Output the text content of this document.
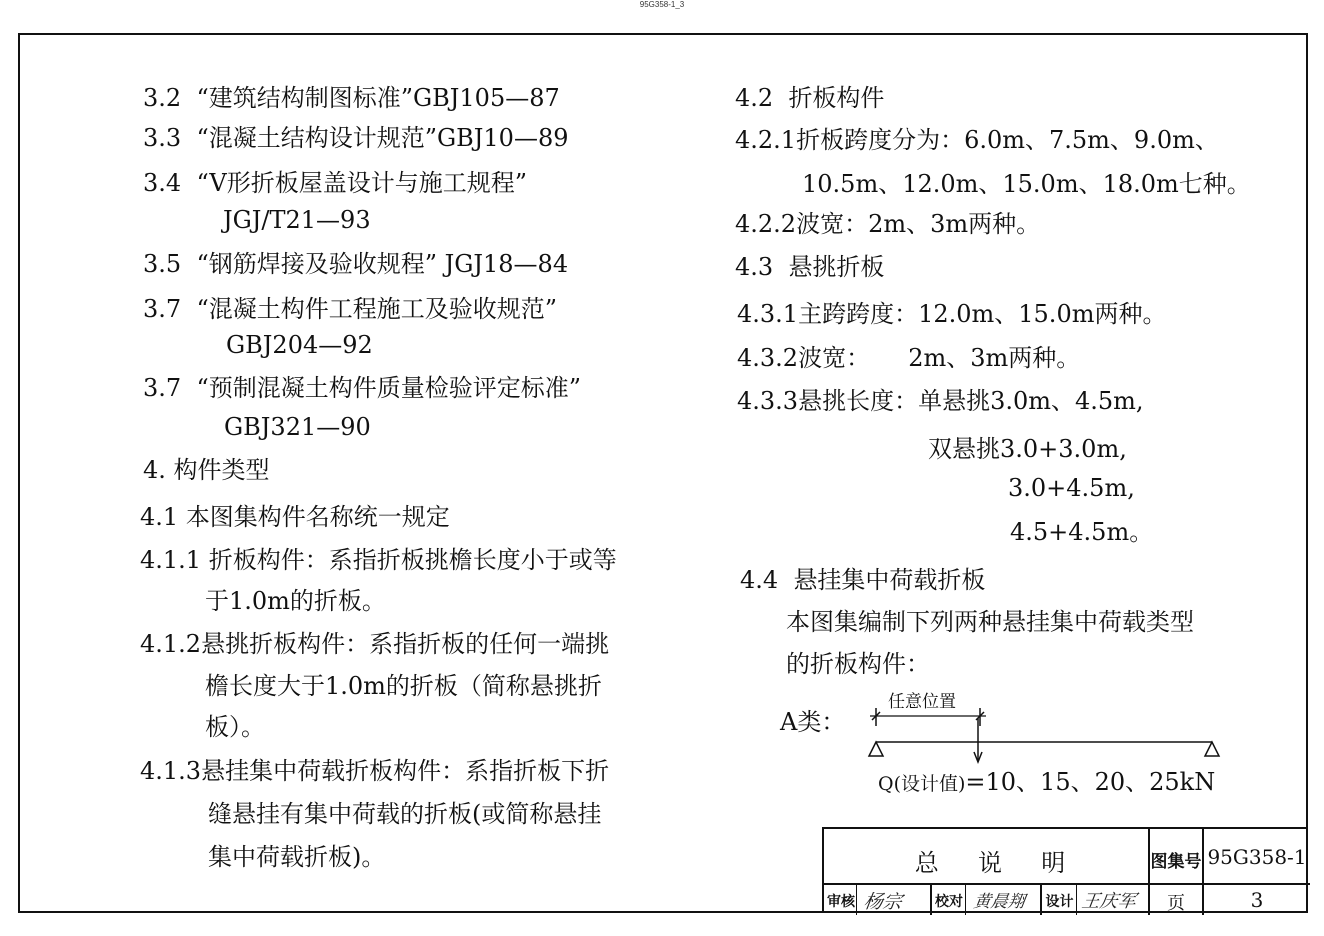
95G358-1_3
3.2 “建筑结构制图标准”GBJ105—87
3.3 “混凝土结构设计规范”GBJ10—89
3.4 “V形折板屋盖设计与施工规程”
JGJ/T21—93
3.5 “钢筋焊接及验收规程” JGJ18—84
3.7 “混凝土构件工程施工及验收规范”
GBJ204—92
3.7 “预制混凝土构件质量检验评定标准”
GBJ321—90
4. 构件类型
4.1 本图集构件名称统一规定
4.1.1 折板构件：系指折板挑檐长度小于或等
于1.0m的折板。
4.1.2悬挑折板构件：系指折板的任何一端挑
檐长度大于1.0m的折板（简称悬挑折
板）。
4.1.3悬挂集中荷载折板构件：系指折板下折
缝悬挂有集中荷载的折板(或简称悬挂
集中荷载折板)。
4.2 折板构件
4.2.1折板跨度分为：6.0m、7.5m、9.0m、
10.5m、12.0m、15.0m、18.0m七种。
4.2.2波宽：2m、3m两种。
4.3 悬挑折板
4.3.1主跨跨度：12.0m、15.0m两种。
4.3.2波宽：     2m、3m两种。
4.3.3悬挑长度：单悬挑3.0m、4.5m,
双悬挑3.0+3.0m,
3.0+4.5m,
4.5+4.5m。
4.4 悬挂集中荷载折板
本图集编制下列两种悬挂集中荷载类型
的折板构件：
A类：
任意位置
Q(设计值)=10、15、20、25kN
总  说  明	图集号 95G358-1
审核 杨宗 校对 黄晨翔 设计 王庆军	页	3
